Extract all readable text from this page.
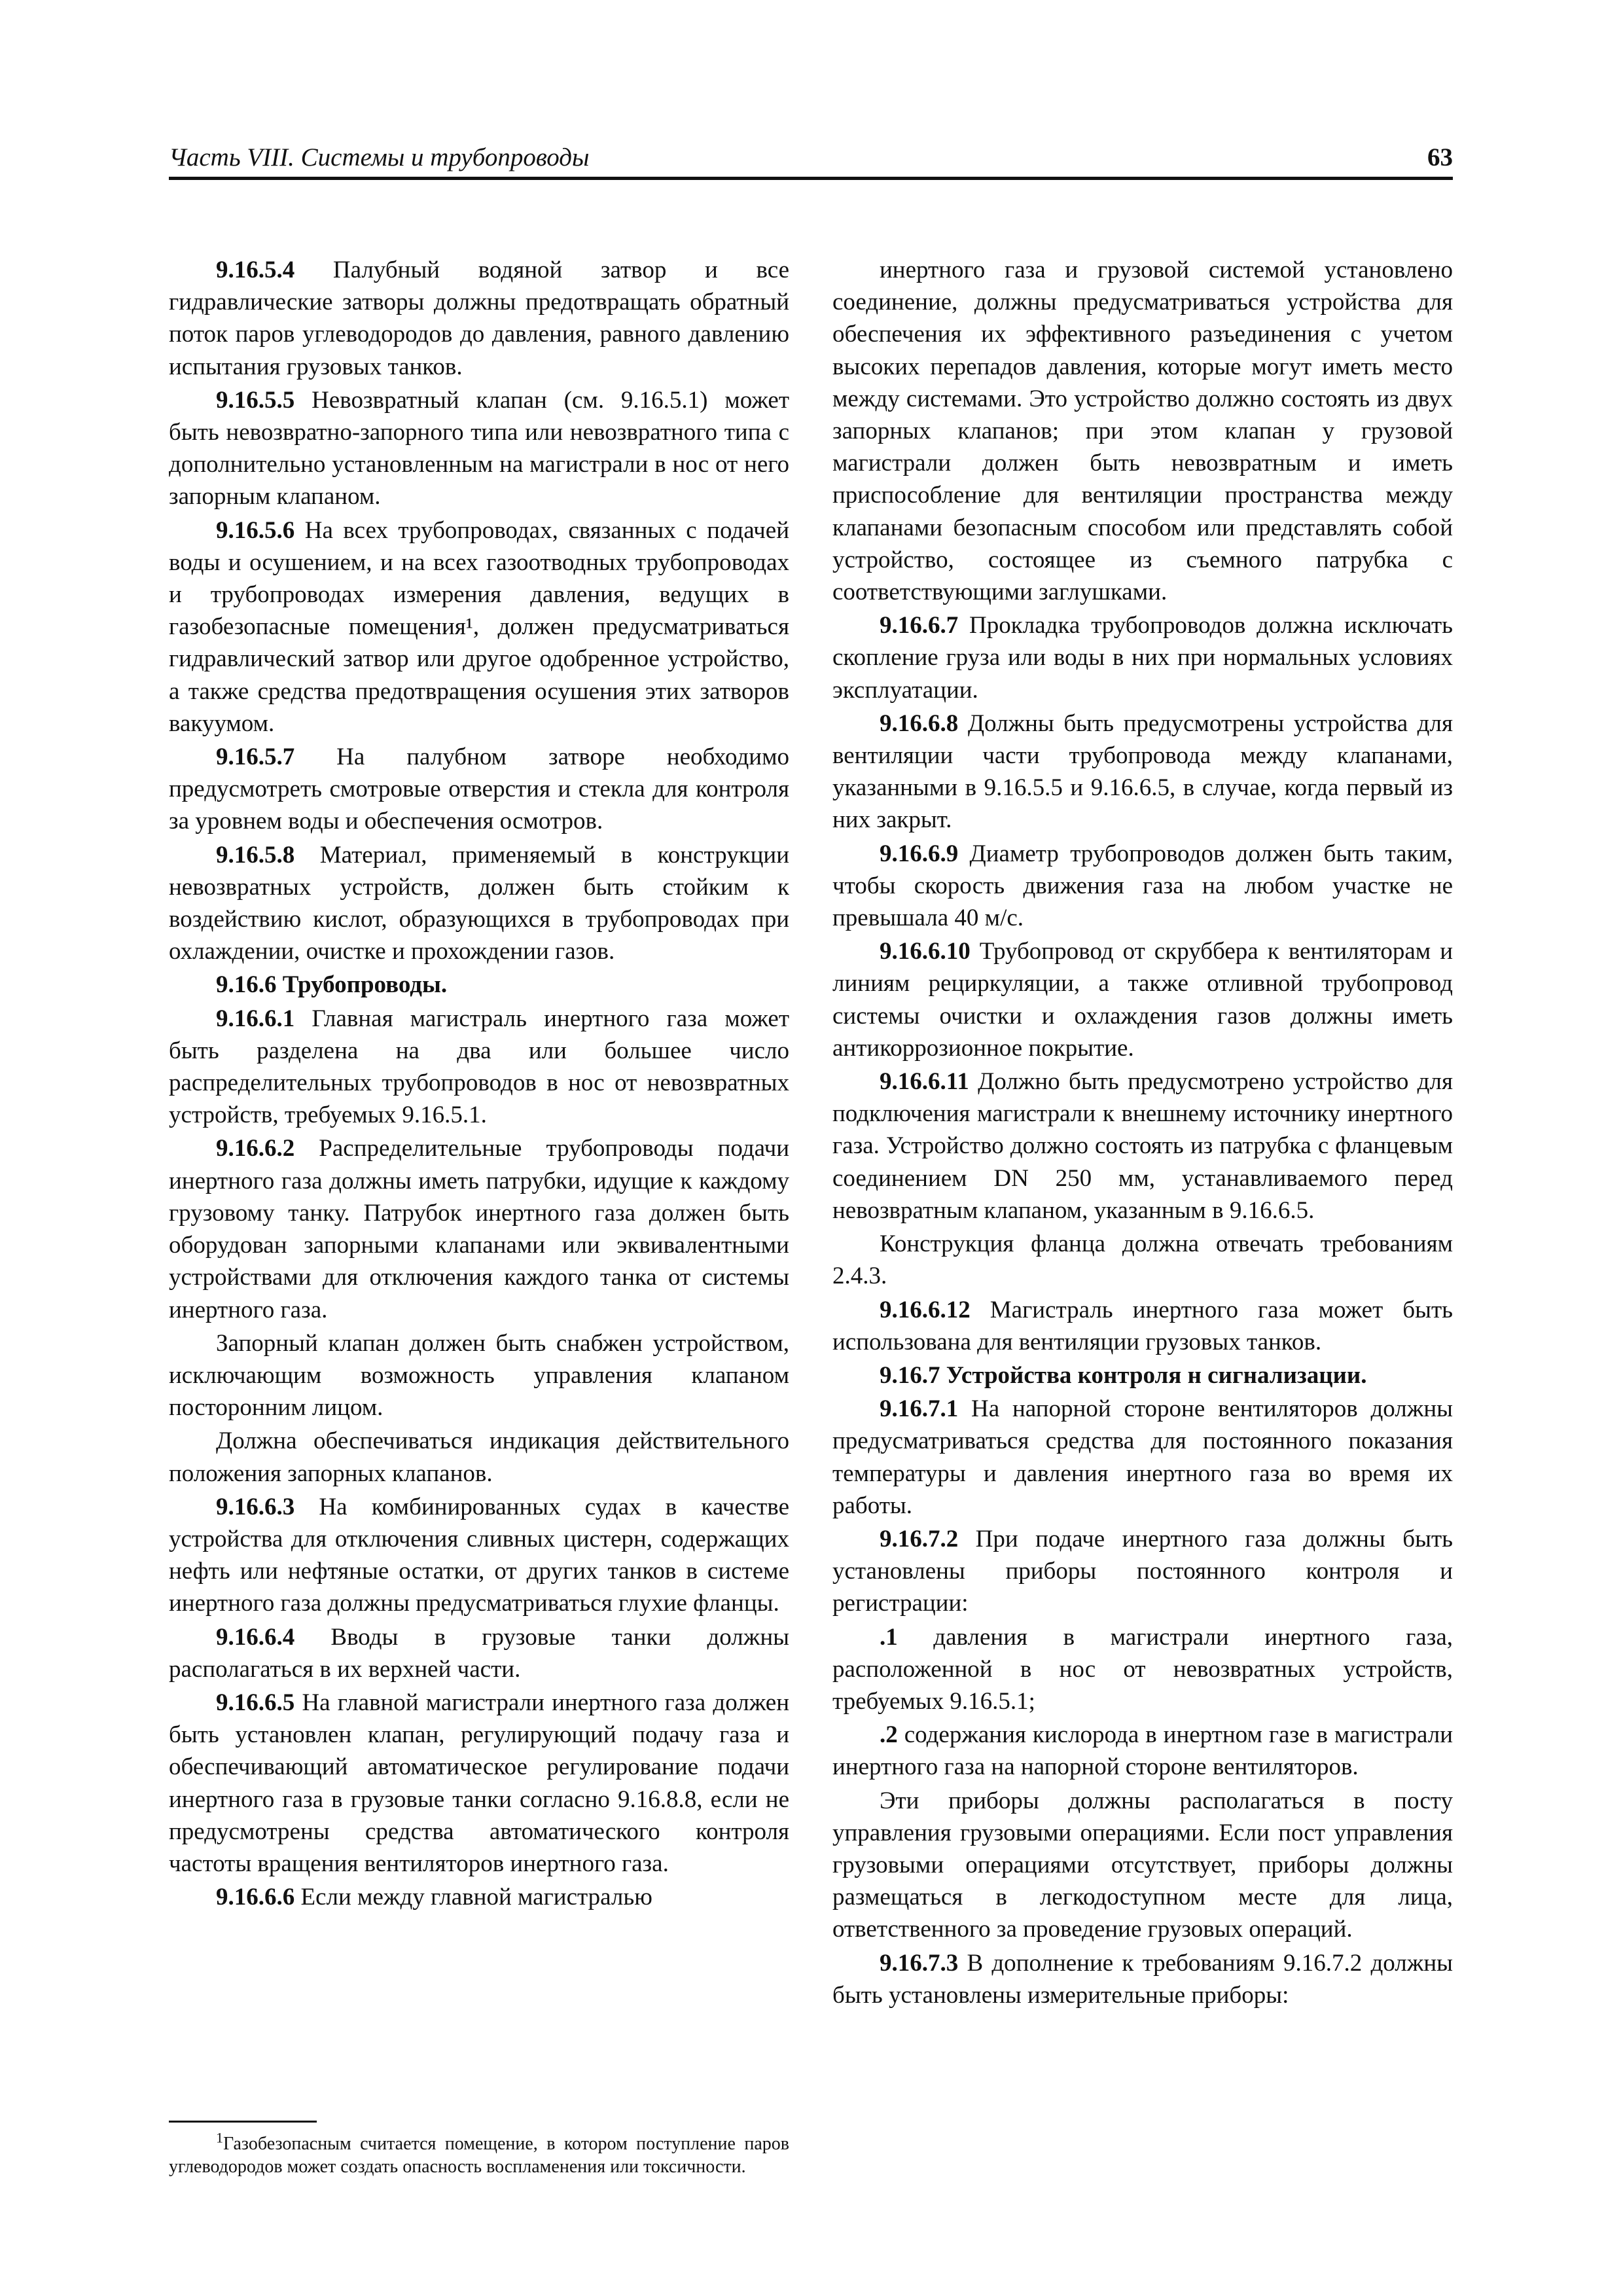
Часть VIII. Системы и трубопроводы	63

9.16.5.4 Палубный водяной затвор и все гидравлические затворы должны предотвращать обратный поток паров углеводородов до давления, равного давлению испытания грузовых танков.

9.16.5.5 Невозвратный клапан (см. 9.16.5.1) может быть невозвратно-запорного типа или невозвратного типа с дополнительно установленным на магистрали в нос от него запорным клапаном.

9.16.5.6 На всех трубопроводах, связанных с подачей воды и осушением, и на всех газоотводных трубопроводах и трубопроводах измерения давления, ведущих в газобезопасные помещения¹, должен предусматриваться гидравлический затвор или другое одобренное устройство, а также средства предотвращения осушения этих затворов вакуумом.

9.16.5.7 На палубном затворе необходимо предусмотреть смотровые отверстия и стекла для контроля за уровнем воды и обеспечения осмотров.

9.16.5.8 Материал, применяемый в конструкции невозвратных устройств, должен быть стойким к воздействию кислот, образующихся в трубопроводах при охлаждении, очистке и прохождении газов.

9.16.6 Трубопроводы.

9.16.6.1 Главная магистраль инертного газа может быть разделена на два или большее число распределительных трубопроводов в нос от невозвратных устройств, требуемых 9.16.5.1.

9.16.6.2 Распределительные трубопроводы подачи инертного газа должны иметь патрубки, идущие к каждому грузовому танку. Патрубок инертного газа должен быть оборудован запорными клапанами или эквивалентными устройствами для отключения каждого танка от системы инертного газа.

Запорный клапан должен быть снабжен устройством, исключающим возможность управления клапаном посторонним лицом.

Должна обеспечиваться индикация действительного положения запорных клапанов.

9.16.6.3 На комбинированных судах в качестве устройства для отключения сливных цистерн, содержащих нефть или нефтяные остатки, от других танков в системе инертного газа должны предусматриваться глухие фланцы.

9.16.6.4 Вводы в грузовые танки должны располагаться в их верхней части.

9.16.6.5 На главной магистрали инертного газа должен быть установлен клапан, регулирующий подачу газа и обеспечивающий автоматическое регулирование подачи инертного газа в грузовые танки согласно 9.16.8.8, если не предусмотрены средства автоматического контроля частоты вращения вентиляторов инертного газа.

9.16.6.6 Если между главной магистралью

инертного газа и грузовой системой установлено соединение, должны предусматриваться устройства для обеспечения их эффективного разъединения с учетом высоких перепадов давления, которые могут иметь место между системами. Это устройство должно состоять из двух запорных клапанов; при этом клапан у грузовой магистрали должен быть невозвратным и иметь приспособление для вентиляции пространства между клапанами безопасным способом или представлять собой устройство, состоящее из съемного патрубка с соответствующими заглушками.

9.16.6.7 Прокладка трубопроводов должна исключать скопление груза или воды в них при нормальных условиях эксплуатации.

9.16.6.8 Должны быть предусмотрены устройства для вентиляции части трубопровода между клапанами, указанными в 9.16.5.5 и 9.16.6.5, в случае, когда первый из них закрыт.

9.16.6.9 Диаметр трубопроводов должен быть таким, чтобы скорость движения газа на любом участке не превышала 40 м/с.

9.16.6.10 Трубопровод от скруббера к вентиляторам и линиям рециркуляции, а также отливной трубопровод системы очистки и охлаждения газов должны иметь антикоррозионное покрытие.

9.16.6.11 Должно быть предусмотрено устройство для подключения магистрали к внешнему источнику инертного газа. Устройство должно состоять из патрубка с фланцевым соединением DN 250 мм, устанавливаемого перед невозвратным клапаном, указанным в 9.16.6.5.

Конструкция фланца должна отвечать требованиям 2.4.3.

9.16.6.12 Магистраль инертного газа может быть использована для вентиляции грузовых танков.

9.16.7 Устройства контроля н сигнализации.

9.16.7.1 На напорной стороне вентиляторов должны предусматриваться средства для постоянного показания температуры и давления инертного газа во время их работы.

9.16.7.2 При подаче инертного газа должны быть установлены приборы постоянного контроля и регистрации:

.1 давления в магистрали инертного газа, расположенной в нос от невозвратных устройств, требуемых 9.16.5.1;

.2 содержания кислорода в инертном газе в магистрали инертного газа на напорной стороне вентиляторов.

Эти приборы должны располагаться в посту управления грузовыми операциями. Если пост управления грузовыми операциями отсутствует, приборы должны размещаться в легкодоступном месте для лица, ответственного за проведение грузовых операций.

9.16.7.3 В дополнение к требованиям 9.16.7.2 должны быть установлены измерительные приборы:

$^1$Газобезопасным считается помещение, в котором поступление паров углеводородов может создать опасность воспламенения или токсичности.
